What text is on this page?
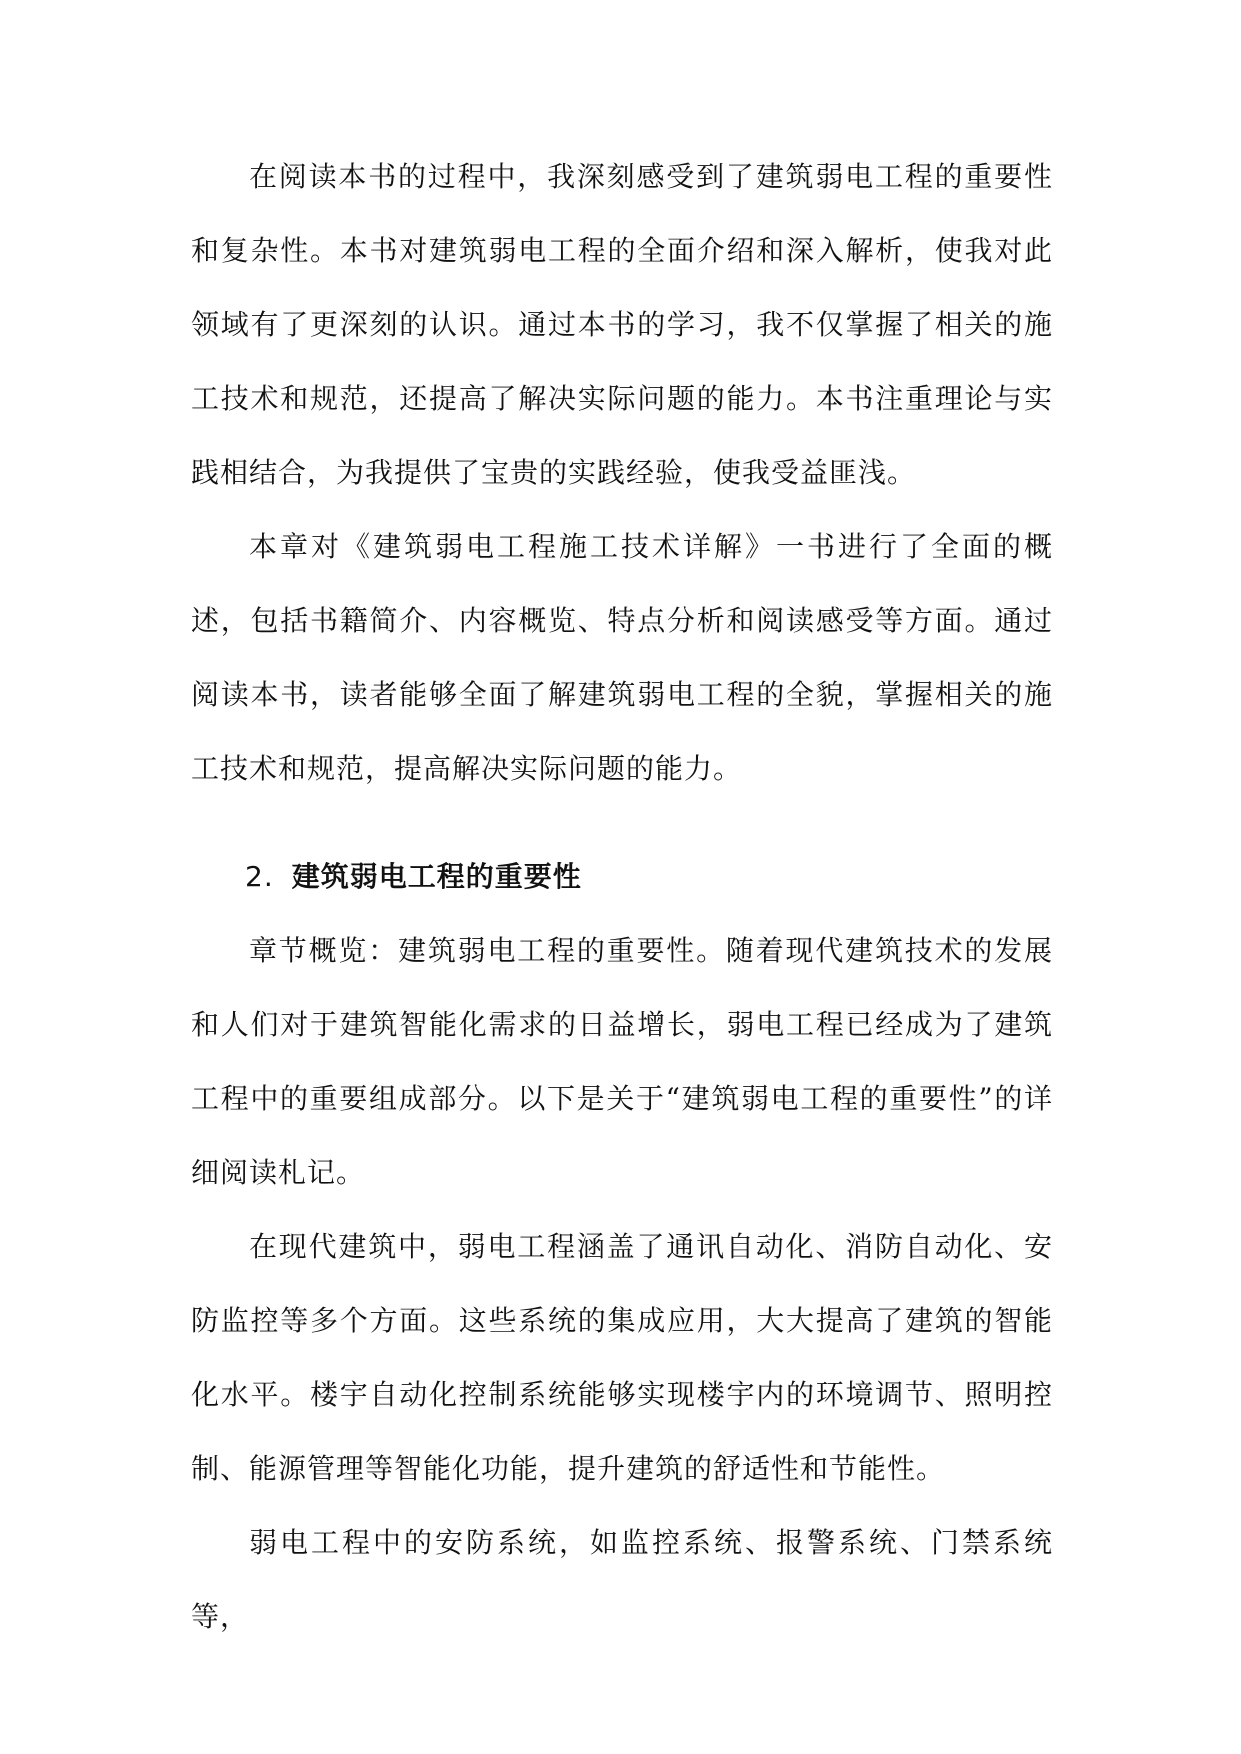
在阅读本书的过程中，我深刻感受到了建筑弱电工程的重要性和复杂性。本书对建筑弱电工程的全面介绍和深入解析，使我对此领域有了更深刻的认识。通过本书的学习，我不仅掌握了相关的施工技术和规范，还提高了解决实际问题的能力。本书注重理论与实践相结合，为我提供了宝贵的实践经验，使我受益匪浅。

本章对《建筑弱电工程施工技术详解》一书进行了全面的概述，包括书籍简介、内容概览、特点分析和阅读感受等方面。通过阅读本书，读者能够全面了解建筑弱电工程的全貌，掌握相关的施工技术和规范，提高解决实际问题的能力。

2. 建筑弱电工程的重要性

章节概览：建筑弱电工程的重要性。随着现代建筑技术的发展和人们对于建筑智能化需求的日益增长，弱电工程已经成为了建筑工程中的重要组成部分。以下是关于“建筑弱电工程的重要性”的详细阅读札记。

在现代建筑中，弱电工程涵盖了通讯自动化、消防自动化、安防监控等多个方面。这些系统的集成应用，大大提高了建筑的智能化水平。楼宇自动化控制系统能够实现楼宇内的环境调节、照明控制、能源管理等智能化功能，提升建筑的舒适性和节能性。

弱电工程中的安防系统，如监控系统、报警系统、门禁系统等，
